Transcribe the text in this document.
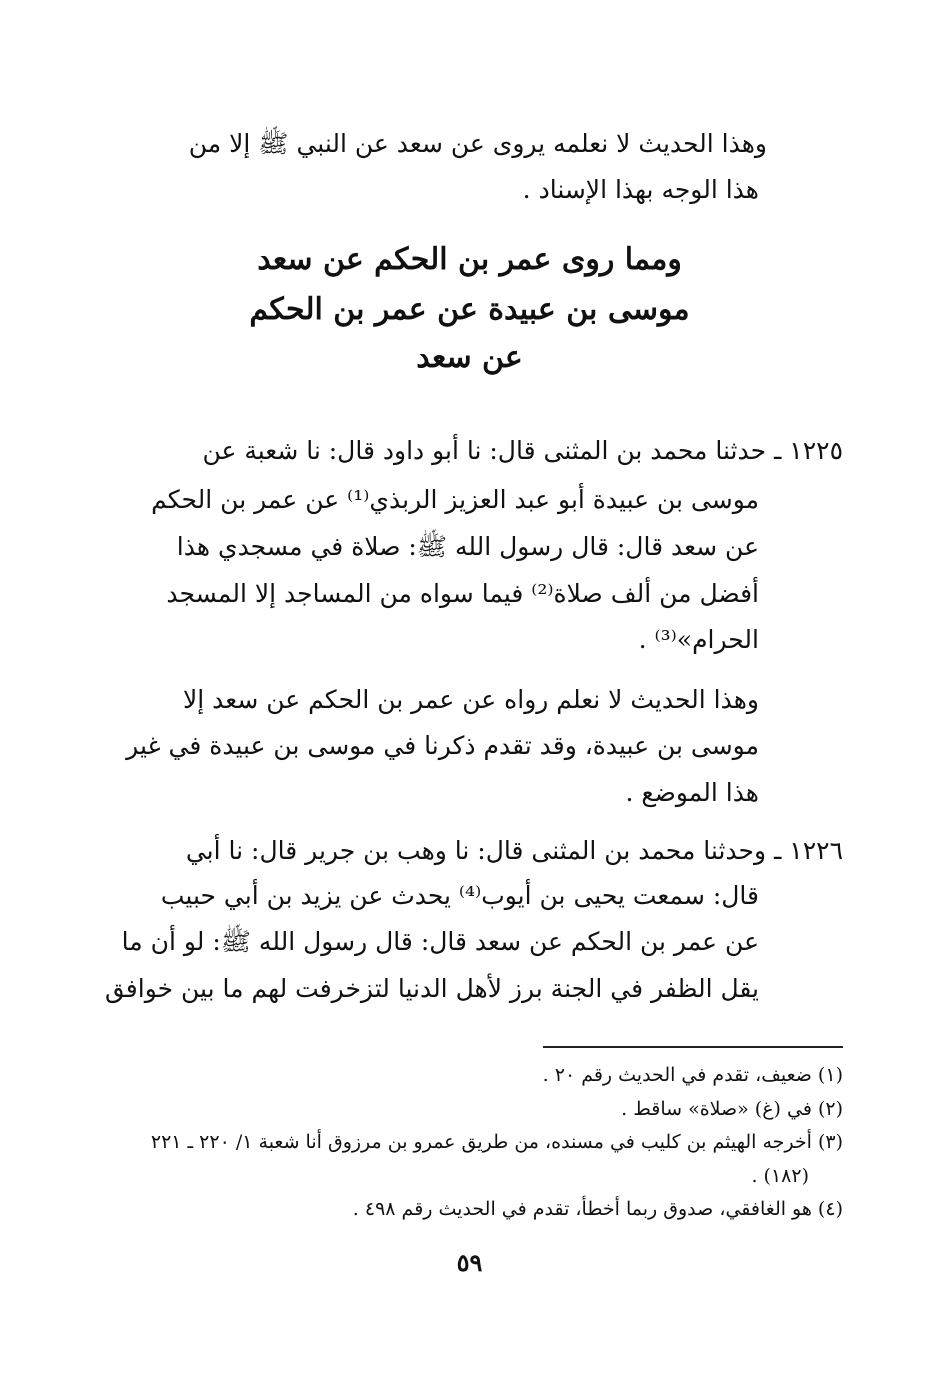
وهذا الحديث لا نعلمه يروى عن سعد عن النبي ﷺ إلا من
هذا الوجه بهذا الإسناد .
ومما روى عمر بن الحكم عن سعد
موسى بن عبيدة عن عمر بن الحكم
عن سعد
١٢٢٥ ـ حدثنا محمد بن المثنى قال: نا أبو داود قال: نا شعبة عن
موسى بن عبيدة أبو عبد العزيز الربذي⁽¹⁾ عن عمر بن الحكم
عن سعد قال: قال رسول الله ﷺ: صلاة في مسجدي هذا
أفضل من ألف صلاة⁽²⁾ فيما سواه من المساجد إلا المسجد
الحرام»⁽³⁾ .
وهذا الحديث لا نعلم رواه عن عمر بن الحكم عن سعد إلا
موسى بن عبيدة، وقد تقدم ذكرنا في موسى بن عبيدة في غير
هذا الموضع .
١٢٢٦ ـ وحدثنا محمد بن المثنى قال: نا وهب بن جرير قال: نا أبي
قال: سمعت يحيى بن أيوب⁽⁴⁾ يحدث عن يزيد بن أبي حبيب
عن عمر بن الحكم عن سعد قال: قال رسول الله ﷺ: لو أن ما
يقل الظفر في الجنة برز لأهل الدنيا لتزخرفت لهم ما بين خوافق
(١) ضعيف، تقدم في الحديث رقم ٢٠ .
(٢) في (غ) «صلاة» ساقط .
(٣) أخرجه الهيثم بن كليب في مسنده، من طريق عمرو بن مرزوق أنا شعبة ١/ ٢٢٠ ـ ٢٢١
(١٨٢) .
(٤) هو الغافقي، صدوق ربما أخطأ، تقدم في الحديث رقم ٤٩٨ .
٥٩
